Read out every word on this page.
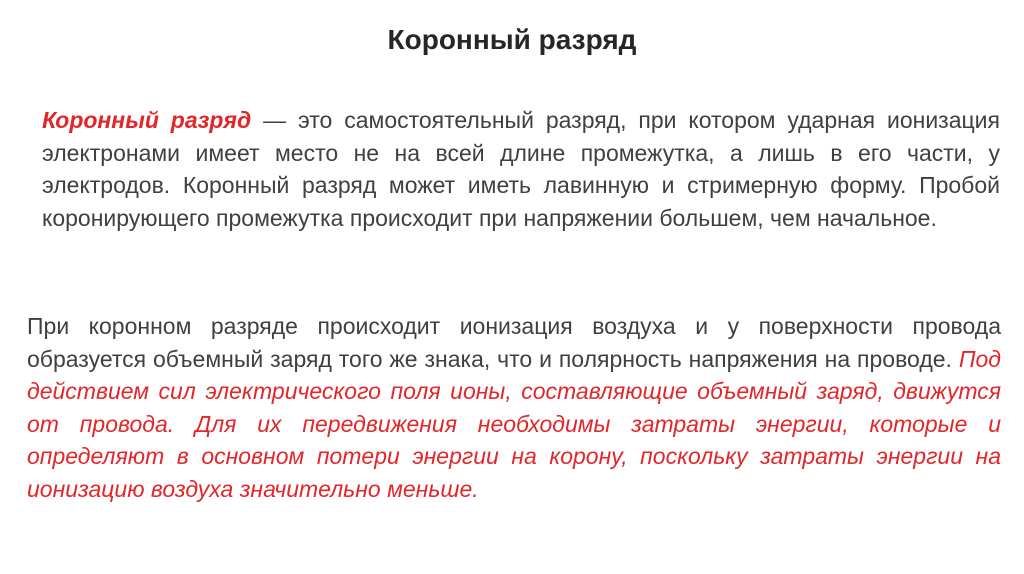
Коронный разряд

Коронный разряд — это самостоятельный разряд, при котором ударная ионизация электронами имеет место не на всей длине промежутка, а лишь в его части, у электродов. Коронный разряд может иметь лавинную и стримерную форму. Пробой коронирующего промежутка происходит при напряжении большем, чем начальное.

При коронном разряде происходит ионизация воздуха и у поверхности провода образуется объемный заряд того же знака, что и полярность напряжения на проводе. Под действием сил электрического поля ионы, составляющие объемный заряд, движутся от провода. Для их передвижения необходимы затраты энергии, которые и определяют в основном потери энергии на корону, поскольку затраты энергии на ионизацию воздуха значительно меньше.
